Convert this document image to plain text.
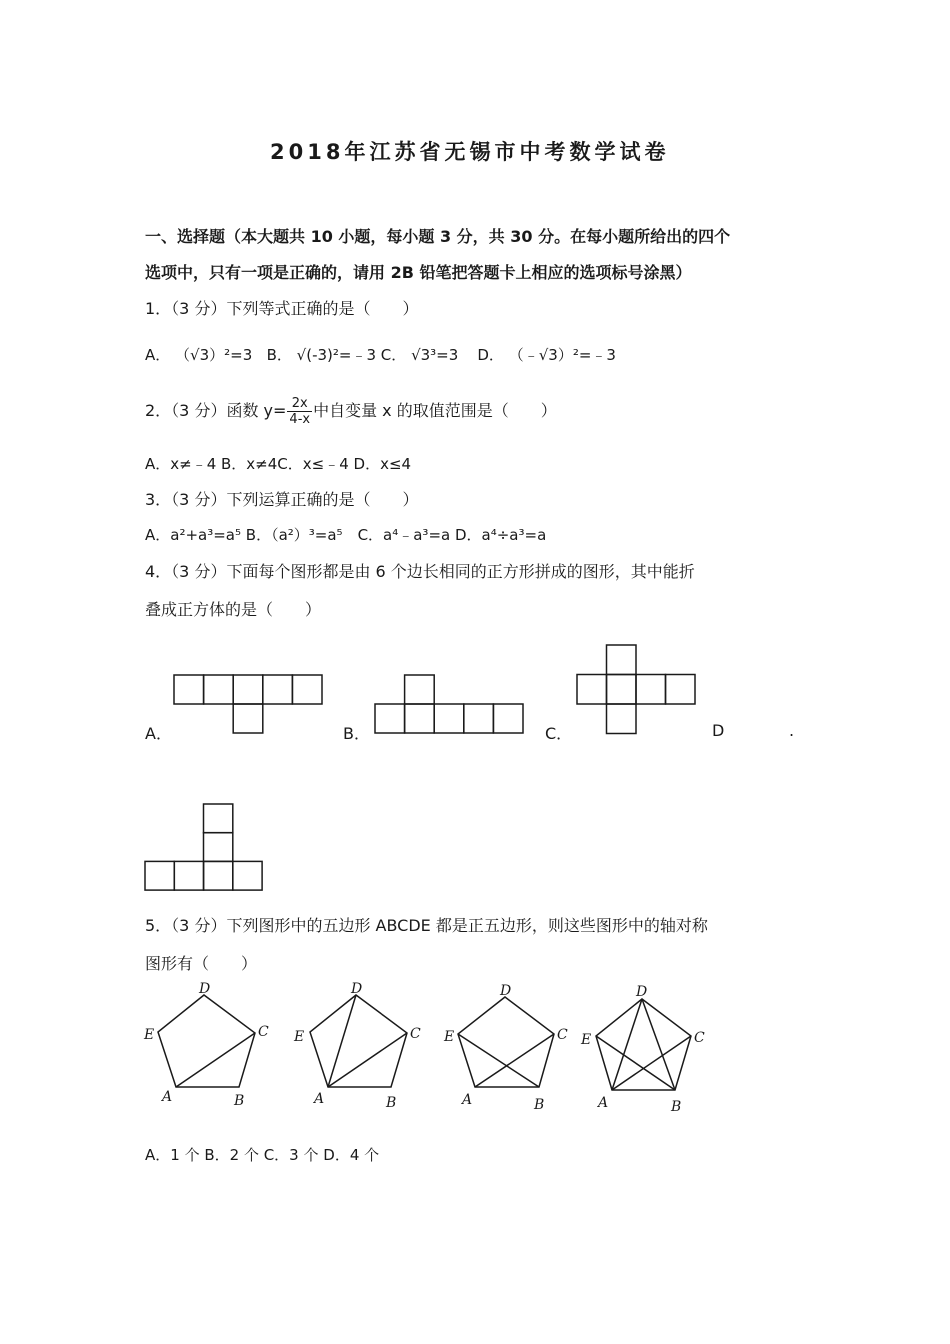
2018年江苏省无锡市中考数学试卷
一、选择题（本大题共 10 小题，每小题 3 分，共 30 分。在每小题所给出的四个
选项中，只有一项是正确的，请用 2B 铅笔把答题卡上相应的选项标号涂黑）
1．（3 分）下列等式正确的是（　　）
A． （√3）²=3 B． √(-3)²=﹣3 C． √3³=3 D． （﹣√3）²=﹣3
2．（3 分）函数 $y= \frac{2x}{4-x}$ 中自变量 x 的取值范围是（　　）
A．x≠﹣4 B．x≠4C．x≤﹣4 D．x≤4
3．（3 分）下列运算正确的是（　　）
A．a²+a³=a⁵ B．（a²）³=a⁵　C．a⁴﹣a³=a D．a⁴÷a³=a
4．（3 分）下面每个图形都是由 6 个边长相同的正方形拼成的图形，其中能折
叠成正方体的是（　　）
A．	B．	C．	D	.
5．（3 分）下列图形中的五边形 ABCDE 都是正五边形，则这些图形中的轴对称
图形有（　　）
D
C
E
A	B
D
C
E
A	B
D
C
E
A	B
D
C
E
A	B
A．1 个 B．2 个 C．3 个 D．4 个
